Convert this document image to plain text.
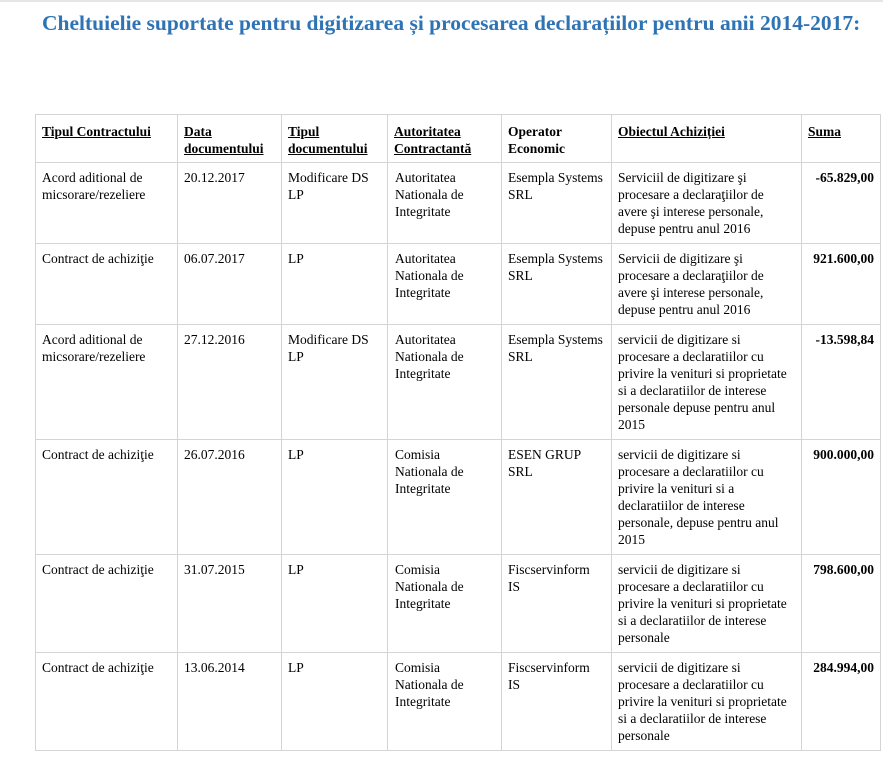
Cheltuielie suportate pentru digitizarea și procesarea declarațiilor pentru anii 2014-2017:
Tipul Contractului	Data documentului	Tipul documentului	Autoritatea Contractantă	Operator Economic	Obiectul Achiziției	Suma
Acord aditional de micsorare/rezeliere	20.12.2017	Modificare DS LP	Autoritatea Nationala de Integritate	Esempla Systems SRL	Serviciil de digitizare şi procesare a declaraţiilor de avere şi interese personale, depuse pentru anul 2016	-65.829,00
Contract de achiziţie	06.07.2017	LP	Autoritatea Nationala de Integritate	Esempla Systems SRL	Servicii de digitizare şi procesare a declaraţiilor de avere şi interese personale, depuse pentru anul 2016	921.600,00
Acord aditional de micsorare/rezeliere	27.12.2016	Modificare DS LP	Autoritatea Nationala de Integritate	Esempla Systems SRL	servicii de digitizare si procesare a declaratiilor cu privire la venituri si proprietate si a declaratiilor de interese personale depuse pentru anul 2015	-13.598,84
Contract de achiziţie	26.07.2016	LP	Comisia Nationala de Integritate	ESEN GRUP SRL	servicii de digitizare si procesare a declaratiilor cu privire la venituri si a declaratiilor de interese personale, depuse pentru anul 2015	900.000,00
Contract de achiziţie	31.07.2015	LP	Comisia Nationala de Integritate	Fiscservinform IS	servicii de digitizare si procesare a declaratiilor cu privire la venituri si proprietate si a declaratiilor de interese personale	798.600,00
Contract de achiziţie	13.06.2014	LP	Comisia Nationala de Integritate	Fiscservinform IS	servicii de digitizare si procesare a declaratiilor cu privire la venituri si proprietate si a declaratiilor de interese personale	284.994,00
